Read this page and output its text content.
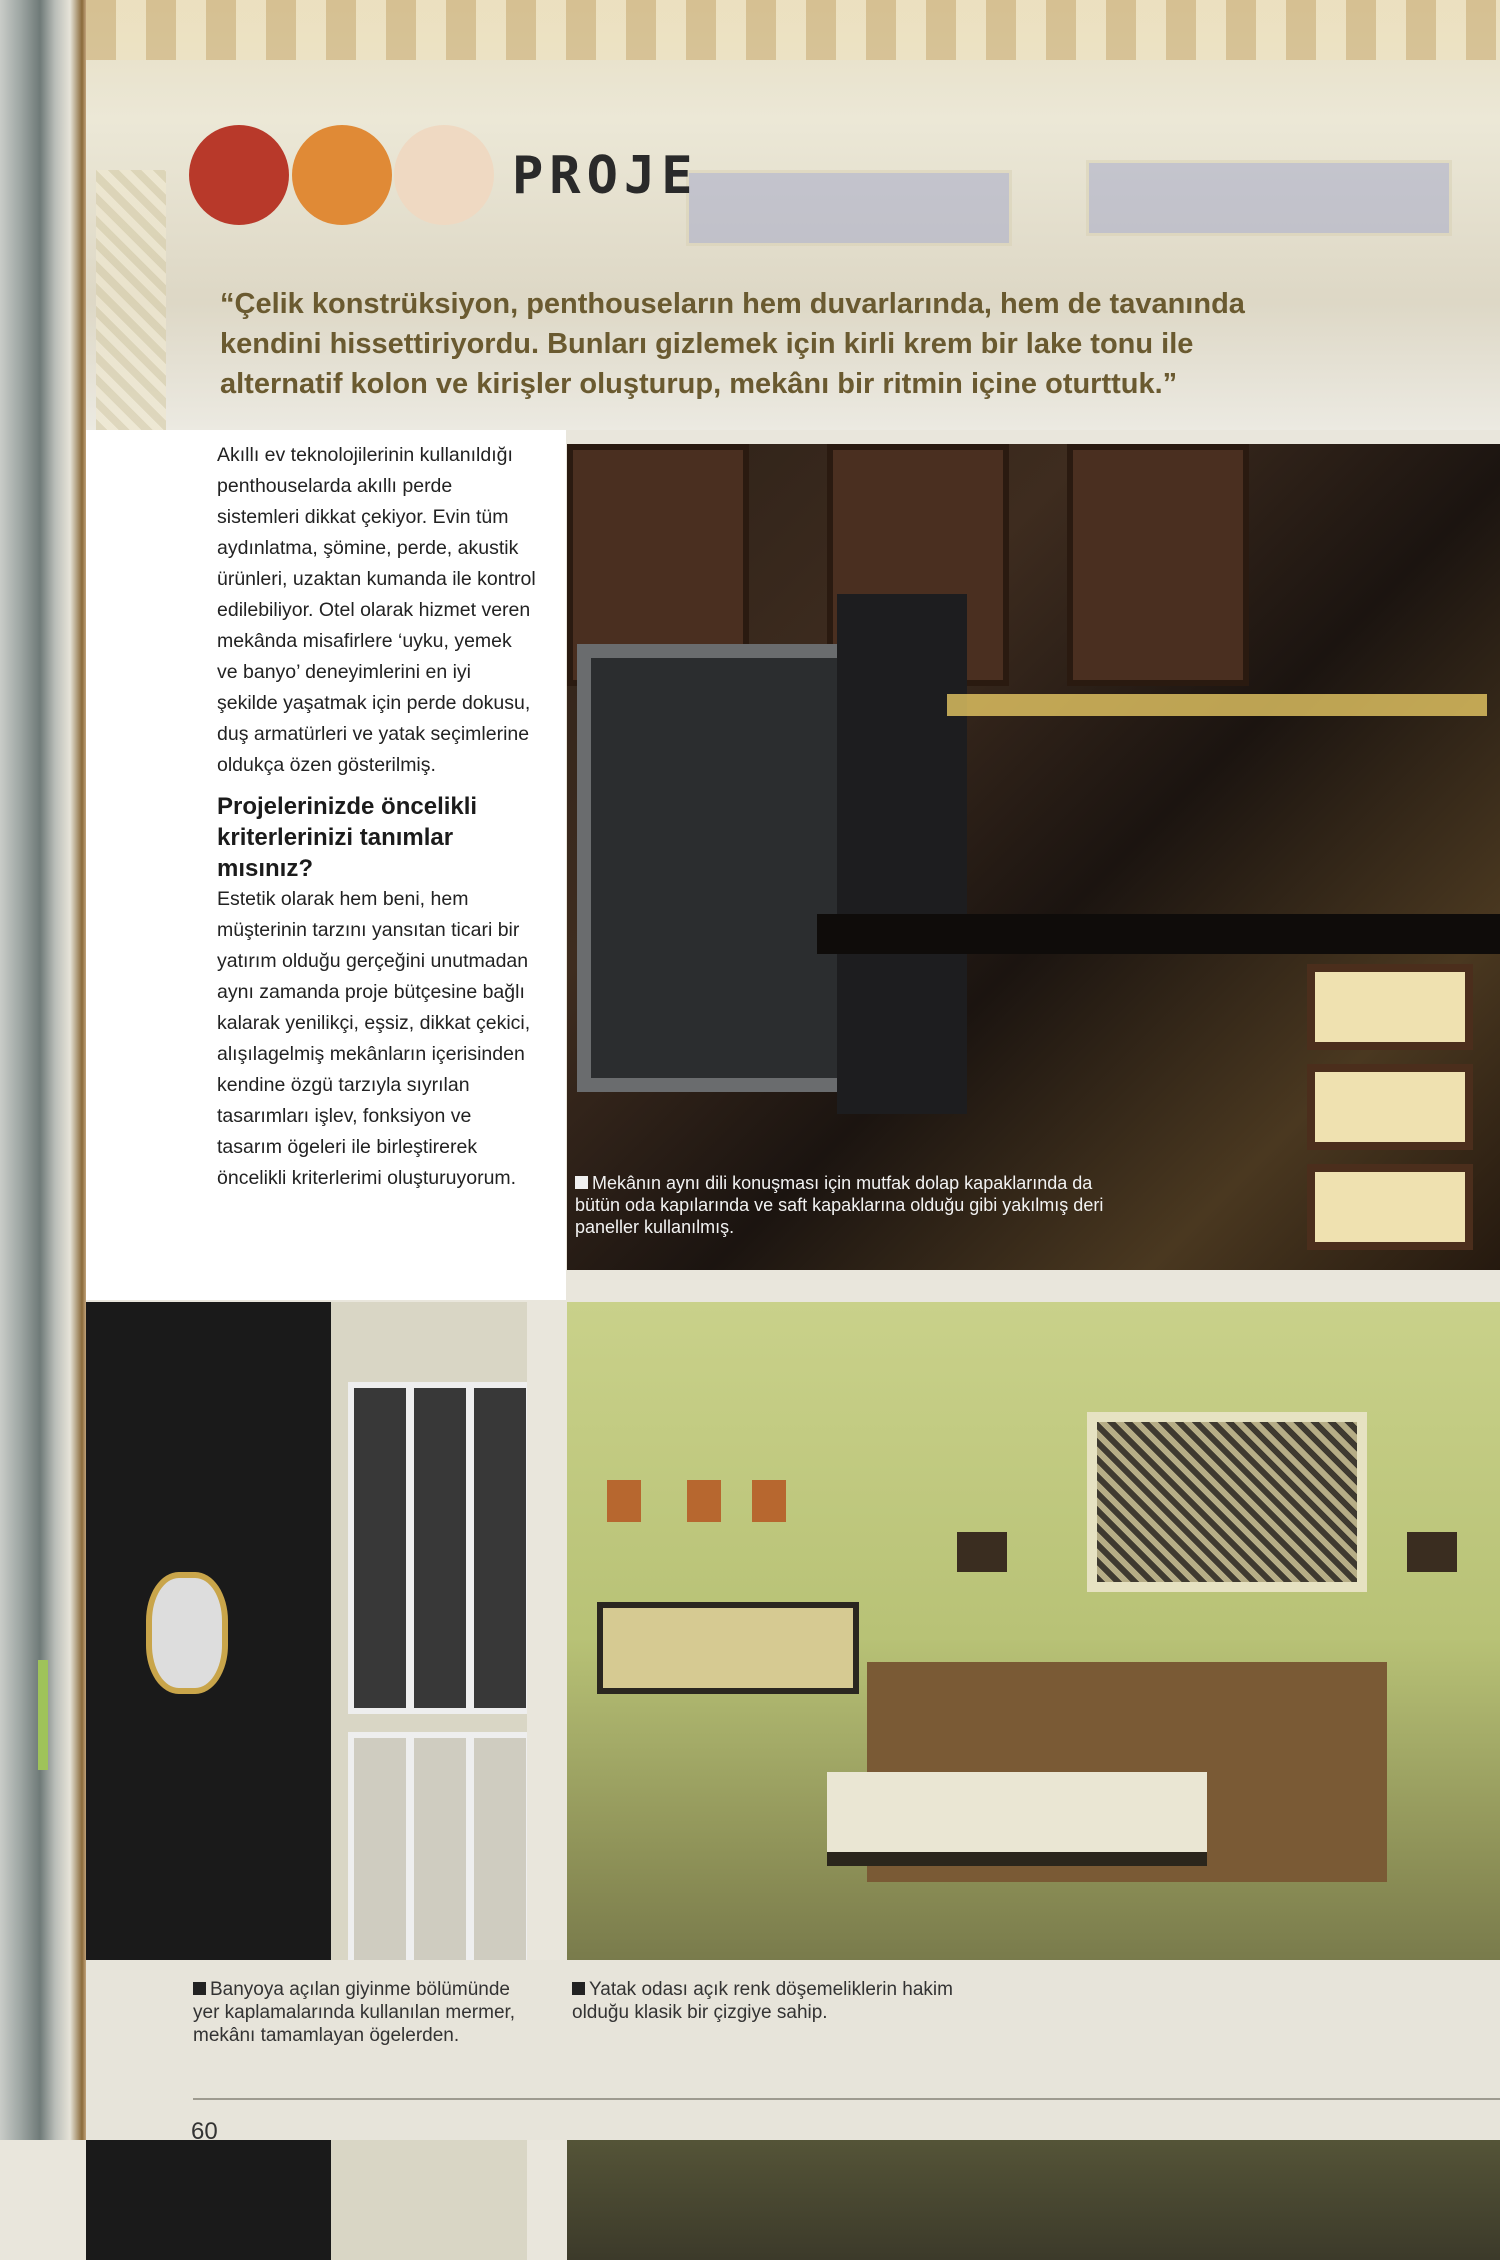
PROJE
“Çelik konstrüksiyon, penthouseların hem duvarlarında, hem de tavanında kendini hissettiriyordu. Bunları gizlemek için kirli krem bir lake tonu ile alternatif kolon ve kirişler oluşturup, mekânı bir ritmin içine oturttuk.”

Akıllı ev teknolojilerinin kullanıldığı penthouselarda akıllı perde sistemleri dikkat çekiyor. Evin tüm aydınlatma, şömine, perde, akustik ürünleri, uzaktan kumanda ile kontrol edilebiliyor. Otel olarak hizmet veren mekânda misafirlere ‘uyku, yemek ve banyo’ deneyimlerini en iyi şekilde yaşatmak için perde dokusu, duş armatürleri ve yatak seçimlerine oldukça özen gösterilmiş.

Projelerinizde öncelikli kriterlerinizi tanımlar mısınız?

Estetik olarak hem beni, hem müşterinin tarzını yansıtan ticari bir yatırım olduğu gerçeğini unutmadan aynı zamanda proje bütçesine bağlı kalarak yenilikçi, eşsiz, dikkat çekici, alışılagelmiş mekânların içerisinden kendine özgü tarzıyla sıyrılan tasarımları işlev, fonksiyon ve tasarım ögeleri ile birleştirerek öncelikli kriterlerimi oluşturuyorum.	Mekânın aynı dili konuşması için mutfak dolap kapaklarında da bütün oda kapılarında ve saft kapaklarına olduğu gibi yakılmış deri paneller kullanılmış.
Banyoya açılan giyinme bölümünde yer kaplamalarında kullanılan mermer, mekânı tamamlayan ögelerden.
Yatak odası açık renk döşemeliklerin hakim olduğu klasik bir çizgiye sahip.
60
